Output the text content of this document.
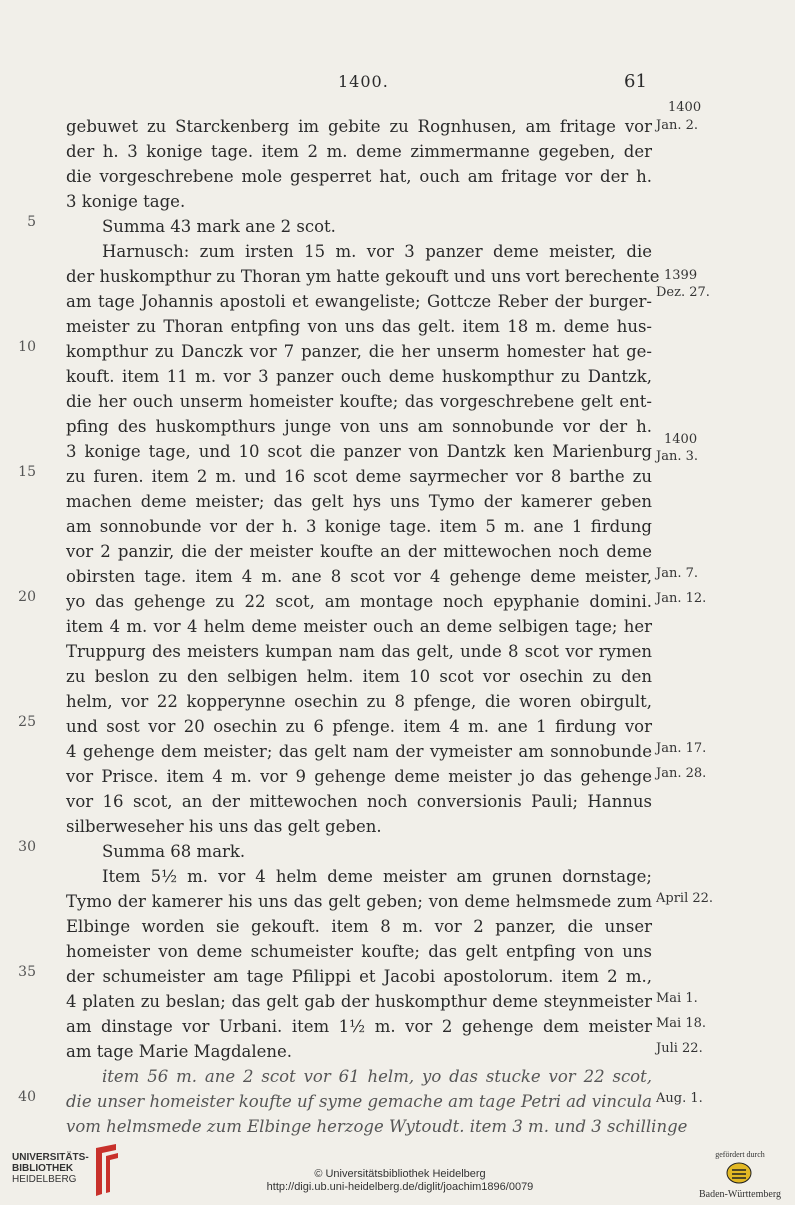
1400.	61
gebuwet zu Starckenberg im gebite zu Rognhusen, am fritage vor
der h. 3 konige tage. item 2 m. deme zimmermanne gegeben, der
die vorgeschrebene mole gesperret hat, ouch am fritage vor der h.
3 konige tage.
Summa 43 mark ane 2 scot.
Harnusch: zum irsten 15 m. vor 3 panzer deme meister, die
der huskompthur zu Thoran ym hatte gekouft und uns vort berechente
am tage Johannis apostoli et ewangeliste; Gottcze Reber der burger-
meister zu Thoran entpfing von uns das gelt. item 18 m. deme hus-
kompthur zu Danczk vor 7 panzer, die her unserm homester hat ge-
kouft. item 11 m. vor 3 panzer ouch deme huskompthur zu Dantzk,
die her ouch unserm homeister koufte; das vorgeschrebene gelt ent-
pfing des huskompthurs junge von uns am sonnobunde vor der h.
3 konige tage, und 10 scot die panzer von Dantzk ken Marienburg
zu furen. item 2 m. und 16 scot deme sayrmecher vor 8 barthe zu
machen deme meister; das gelt hys uns Tymo der kamerer geben
am sonnobunde vor der h. 3 konige tage. item 5 m. ane 1 firdung
vor 2 panzir, die der meister koufte an der mittewochen noch deme
obirsten tage. item 4 m. ane 8 scot vor 4 gehenge deme meister,
yo das gehenge zu 22 scot, am montage noch epyphanie domini.
item 4 m. vor 4 helm deme meister ouch an deme selbigen tage; her
Truppurg des meisters kumpan nam das gelt, unde 8 scot vor rymen
zu beslon zu den selbigen helm. item 10 scot vor osechin zu den
helm, vor 22 kopperynne osechin zu 8 pfenge, die woren obirgult,
und sost vor 20 osechin zu 6 pfenge. item 4 m. ane 1 firdung vor
4 gehenge dem meister; das gelt nam der vymeister am sonnobunde
vor Prisce. item 4 m. vor 9 gehenge deme meister jo das gehenge
vor 16 scot, an der mittewochen noch conversionis Pauli; Hannus
silberweseher his uns das gelt geben.
Summa 68 mark.
Item 5½ m. vor 4 helm deme meister am grunen dornstage;
Tymo der kamerer his uns das gelt geben; von deme helmsmede zum
Elbinge worden sie gekouft. item 8 m. vor 2 panzer, die unser
homeister von deme schumeister koufte; das gelt entpfing von uns
der schumeister am tage Pfilippi et Jacobi apostolorum. item 2 m.,
4 platen zu beslan; das gelt gab der huskompthur deme steynmeister
am dinstage vor Urbani. item 1½ m. vor 2 gehenge dem meister
am tage Marie Magdalene.
item 56 m. ane 2 scot vor 61 helm, yo das stucke vor 22 scot,
die unser homeister koufte uf syme gemache am tage Petri ad vincula
vom helmsmede zum Elbinge herzoge Wytoudt. item 3 m. und 3 schillinge
5
10
15
20
25
30
35
40
1400
Jan. 2.
1399
Dez. 27.
1400
Jan. 3.
Jan. 7.
Jan. 12.
Jan. 17.
Jan. 28.
April 22.
Mai 1.
Mai 18.
Juli 22.
Aug. 1.
UNIVERSITÄTS-
BIBLIOTHEK
HEIDELBERG	© Universitätsbibliothek Heidelberg
http://digi.ub.uni-heidelberg.de/diglit/joachim1896/0079
gefördert durch
Baden-Württemberg
